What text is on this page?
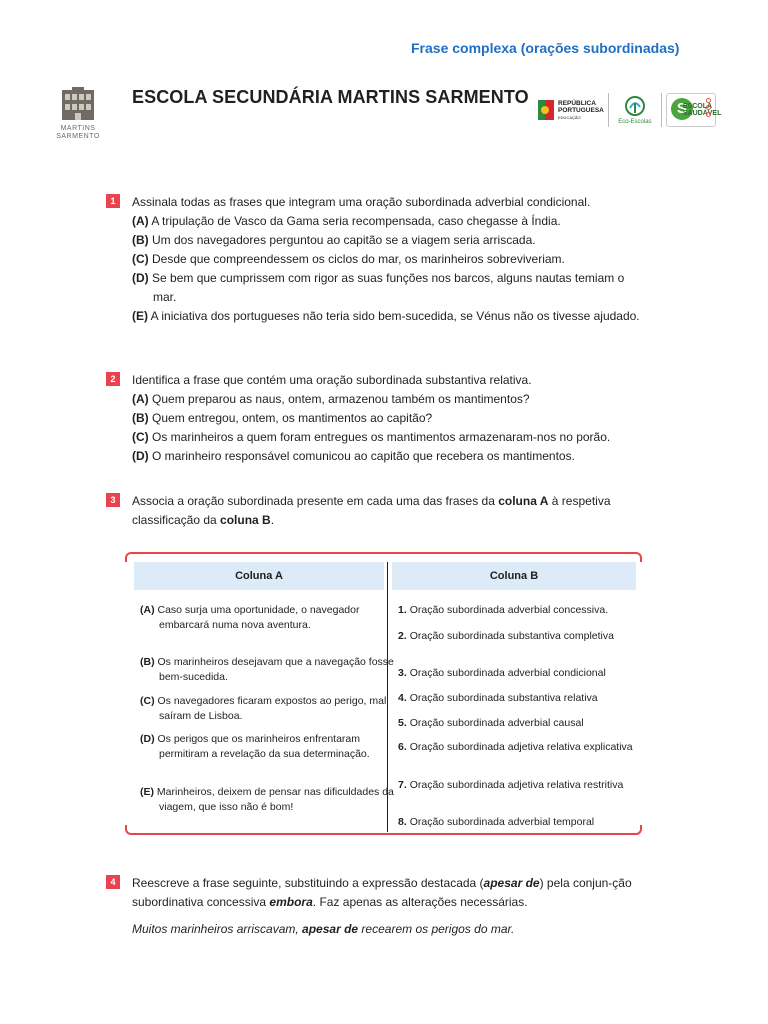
Frase complexa (orações subordinadas)
MARTINS
SARMENTO
ESCOLA SECUNDÁRIA MARTINS SARMENTO	REPÚBLICA
PORTUGUESA
EDUCAÇÃO
Eco-Escolas
S
ESCOLA
SAUDÁVEL
1	Assinala todas as frases que integram uma oração subordinada adverbial condicional.
(A) A tripulação de Vasco da Gama seria recompensada, caso chegasse à Índia.
(B) Um dos navegadores perguntou ao capitão se a viagem seria arriscada.
(C) Desde que compreendessem os ciclos do mar, os marinheiros sobreviveriam.
(D) Se bem que cumprissem com rigor as suas funções nos barcos, alguns nautas temiam o mar.
(E) A iniciativa dos portugueses não teria sido bem-sucedida, se Vénus não os tivesse ajudado.
2	Identifica a frase que contém uma oração subordinada substantiva relativa.
(A) Quem preparou as naus, ontem, armazenou também os mantimentos?
(B) Quem entregou, ontem, os mantimentos ao capitão?
(C) Os marinheiros a quem foram entregues os mantimentos armazenaram-nos no porão.
(D) O marinheiro responsável comunicou ao capitão que recebera os mantimentos.
3	Associa a oração subordinada presente em cada uma das frases da coluna A à respetiva classificação da coluna B.
Coluna A	Coluna B
(A) Caso surja uma oportunidade, o navegador embarcará numa nova aventura.
(B) Os marinheiros desejavam que a navegação fosse bem-sucedida.
(C) Os navegadores ficaram expostos ao perigo, mal saíram de Lisboa.
(D) Os perigos que os marinheiros enfrentaram permitiram a revelação da sua determinação.
(E) Marinheiros, deixem de pensar nas dificuldades da viagem, que isso não é bom!
1. Oração subordinada adverbial concessiva.
2. Oração subordinada substantiva completiva
3. Oração subordinada adverbial condicional
4. Oração subordinada substantiva relativa
5. Oração subordinada adverbial causal
6. Oração subordinada adjetiva relativa explicativa
7. Oração subordinada adjetiva relativa restritiva
8. Oração subordinada adverbial temporal
4	Reescreve a frase seguinte, substituindo a expressão destacada (apesar de) pela conjun-ção subordinativa concessiva embora. Faz apenas as alterações necessárias.
Muitos marinheiros arriscavam, apesar de recearem os perigos do mar.
